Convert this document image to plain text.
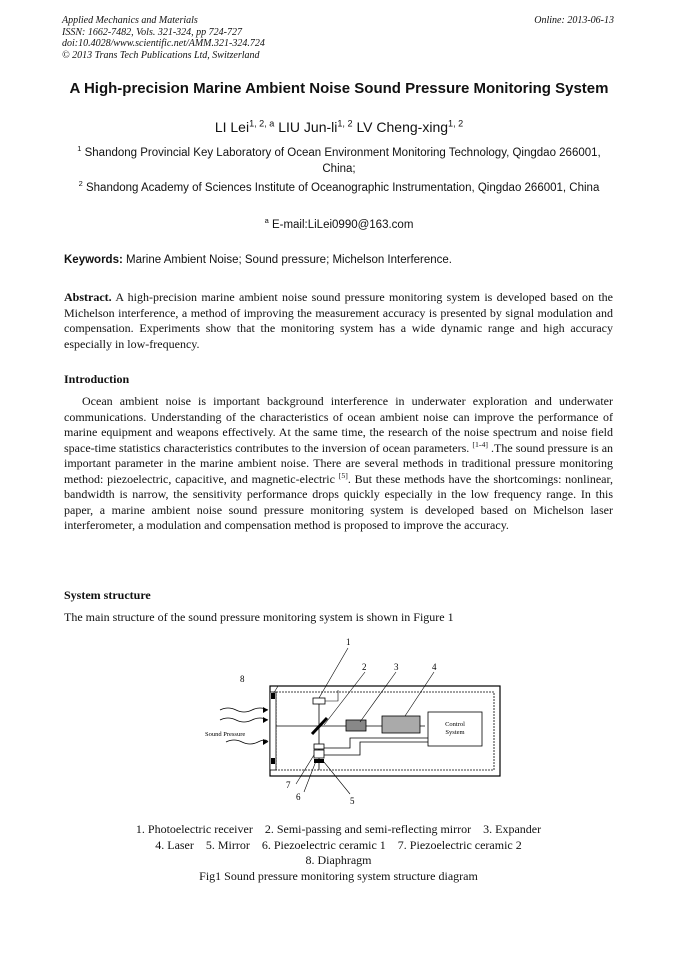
Applied Mechanics and Materials
ISSN: 1662-7482, Vols. 321-324, pp 724-727
doi:10.4028/www.scientific.net/AMM.321-324.724
© 2013 Trans Tech Publications Ltd, Switzerland
Online: 2013-06-13
A High-precision Marine Ambient Noise Sound Pressure Monitoring System
LI Lei$^{1, 2, a}$ LIU Jun-li$^{1, 2}$ LV Cheng-xing$^{1, 2}$
$^1$ Shandong Provincial Key Laboratory of Ocean Environment Monitoring Technology, Qingdao 266001, China;
$^2$ Shandong Academy of Sciences Institute of Oceanographic Instrumentation, Qingdao 266001, China
$^a$ E-mail:LiLei0990@163.com
Keywords: Marine Ambient Noise; Sound pressure; Michelson Interference.
Abstract. A high-precision marine ambient noise sound pressure monitoring system is developed based on the Michelson interference, a method of improving the measurement accuracy is presented by signal modulation and compensation. Experiments show that the monitoring system has a wide dynamic range and high accuracy especially in low-frequency.
Introduction
Ocean ambient noise is important background interference in underwater exploration and underwater communications. Understanding of the characteristics of ocean ambient noise can improve the performance of marine equipment and weapons effectively. At the same time, the research of the noise spectrum and noise field space-time statistics characteristics contributes to the inversion of ocean parameters. [1-4] .The sound pressure is an important parameter in the marine ambient noise. There are several methods in traditional pressure monitoring method: piezoelectric, capacitive, and magnetic-electric [5]. But these methods have the shortcomings: nonlinear, bandwidth is narrow, the sensitivity performance drops quickly especially in the low frequency range. In this paper, a marine ambient noise sound pressure monitoring system is developed based on Michelson laser interferometer, a modulation and compensation method is proposed to improve the accuracy.
System structure
The main structure of the sound pressure monitoring system is shown in Figure 1
Sound Pressure
Control
System
1
2	3	4
5
6
7
8
1. Photoelectric receiver    2. Semi-passing and semi-reflecting mirror    3. Expander
4. Laser    5. Mirror    6. Piezoelectric ceramic 1    7. Piezoelectric ceramic 2
8. Diaphragm
Fig1 Sound pressure monitoring system structure diagram
